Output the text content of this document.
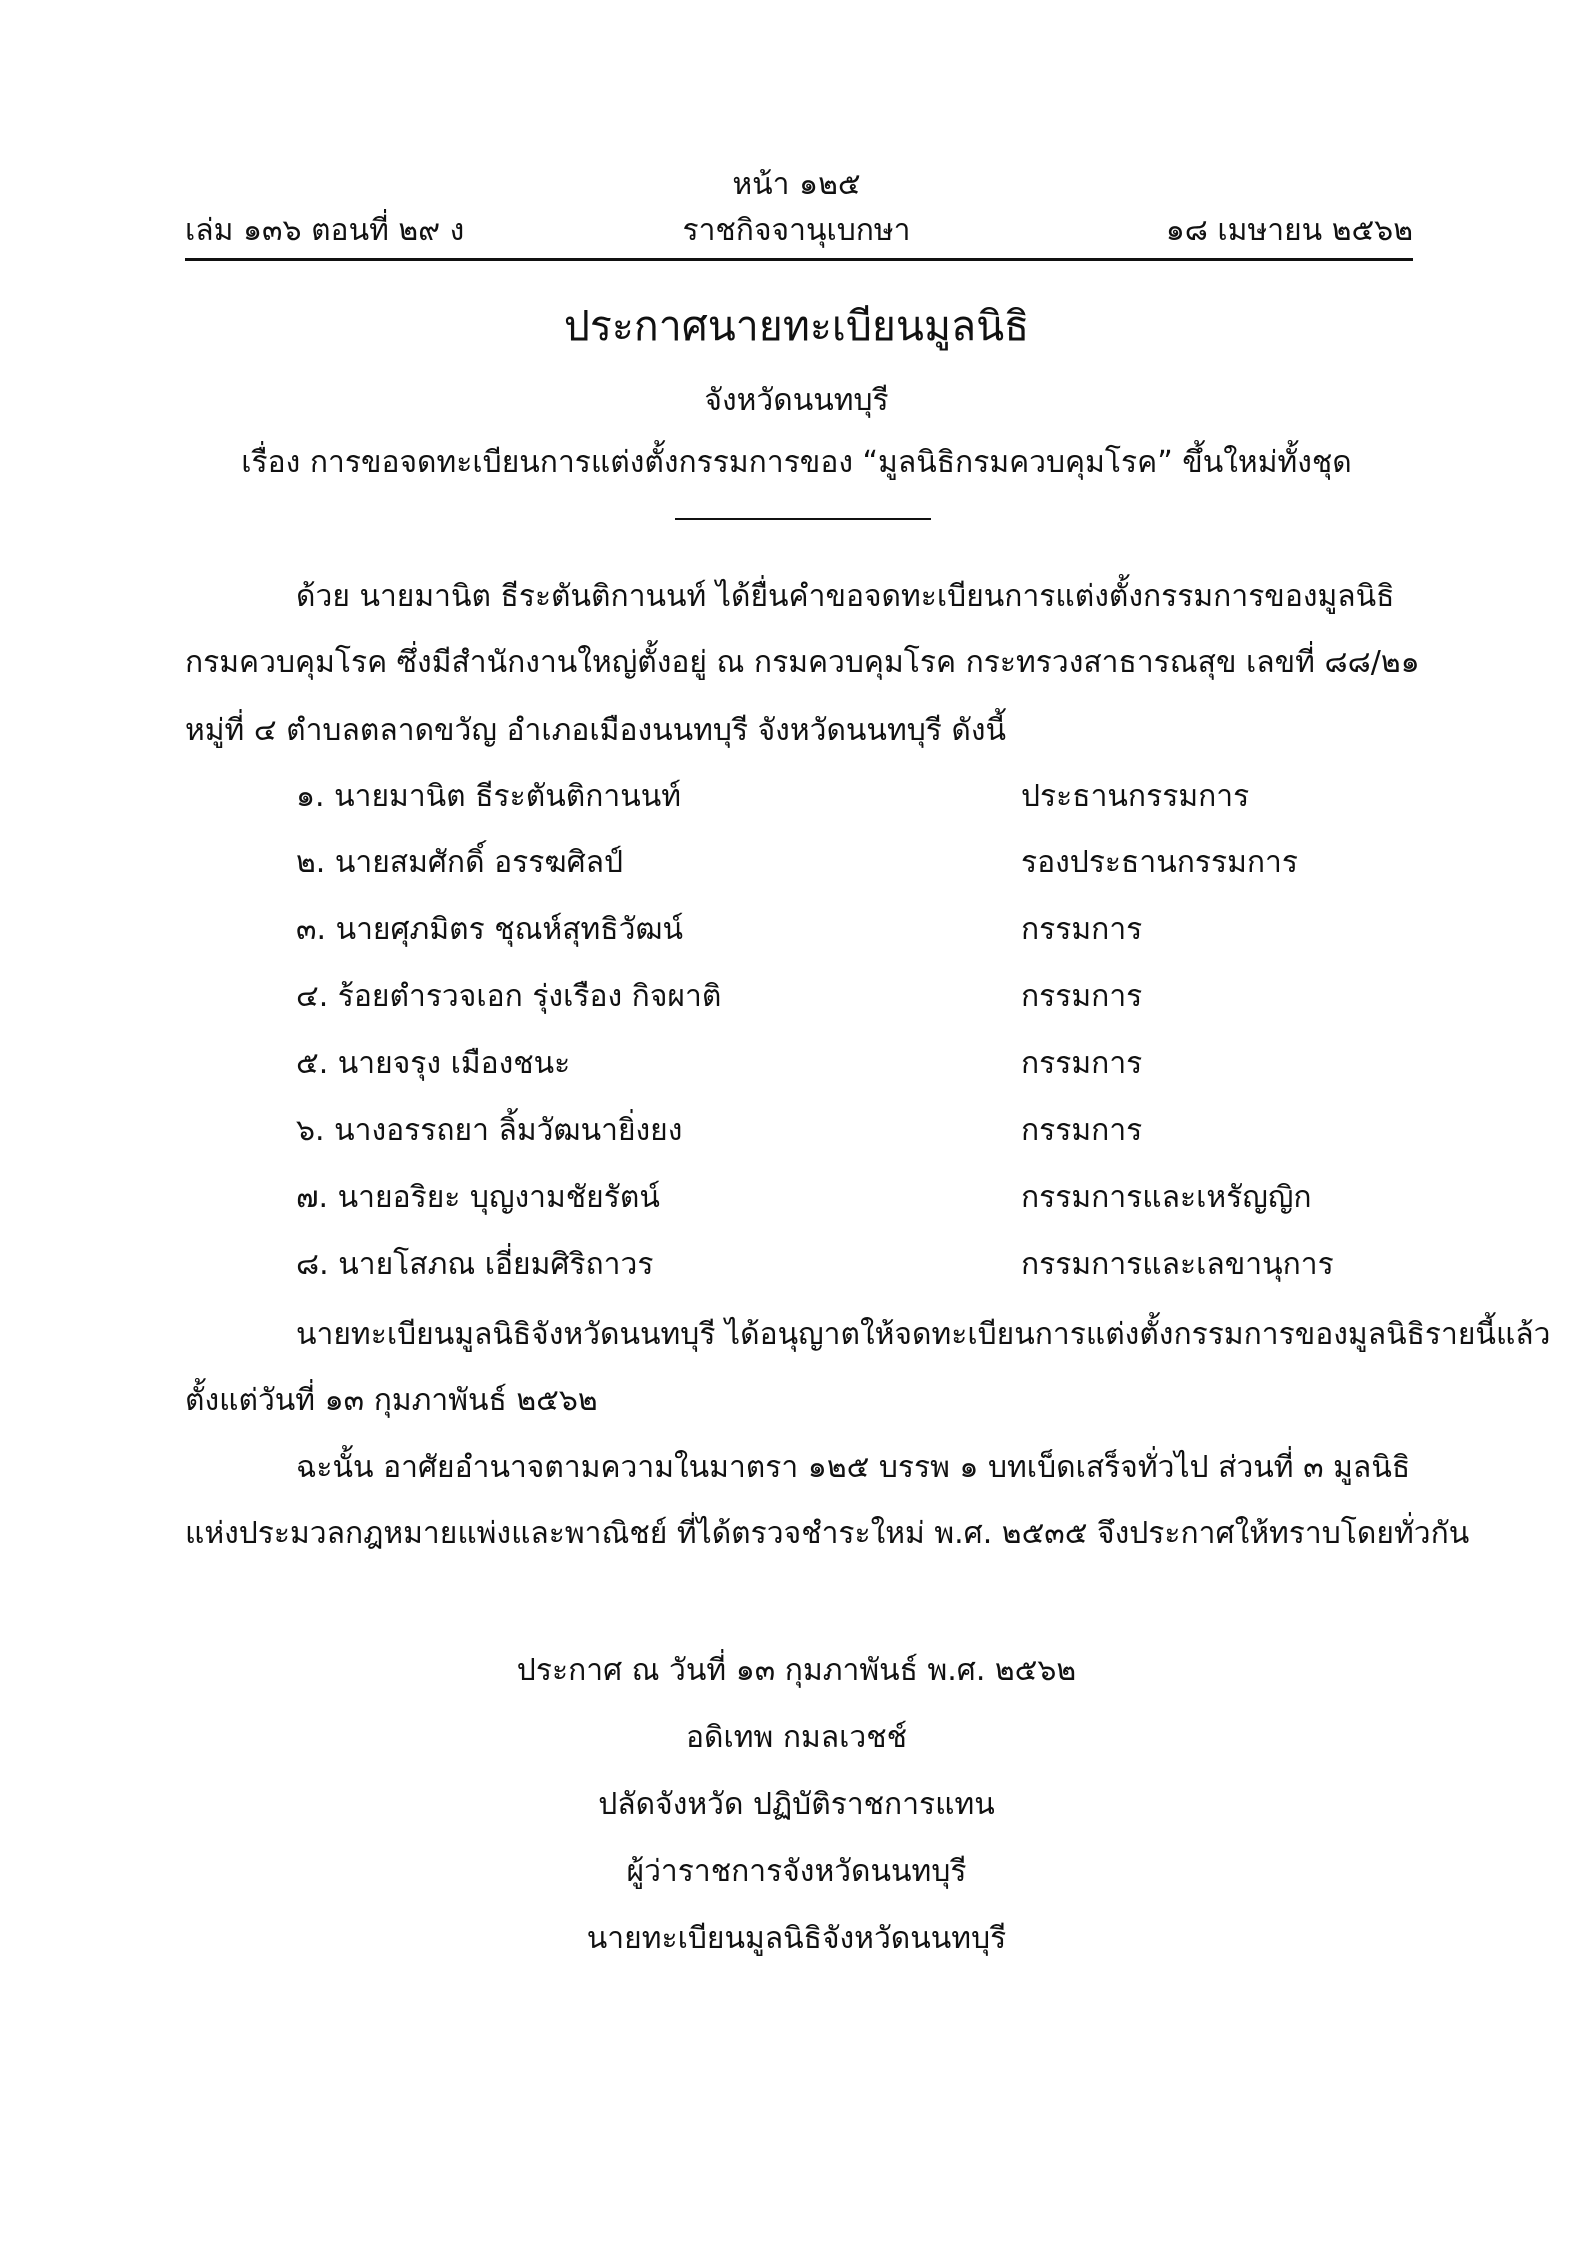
หน้า ๑๒๕
เล่ม ๑๓๖ ตอนที่ ๒๙ ง	ราชกิจจานุเบกษา	๑๘ เมษายน ๒๕๖๒
ประกาศนายทะเบียนมูลนิธิ
จังหวัดนนทบุรี
เรื่อง การขอจดทะเบียนการแต่งตั้งกรรมการของ “มูลนิธิกรมควบคุมโรค” ขึ้นใหม่ทั้งชุด
ด้วย นายมานิต ธีระตันติกานนท์ ได้ยื่นคำขอจดทะเบียนการแต่งตั้งกรรมการของมูลนิธิ
กรมควบคุมโรค ซึ่งมีสำนักงานใหญ่ตั้งอยู่ ณ กรมควบคุมโรค กระทรวงสาธารณสุข เลขที่ ๘๘/๒๑
หมู่ที่ ๔ ตำบลตลาดขวัญ อำเภอเมืองนนทบุรี จังหวัดนนทบุรี ดังนี้
๑. นายมานิต ธีระตันติกานนท์	ประธานกรรมการ
๒. นายสมศักดิ์ อรรฆศิลป์	รองประธานกรรมการ
๓. นายศุภมิตร ชุณห์สุทธิวัฒน์	กรรมการ
๔. ร้อยตำรวจเอก รุ่งเรือง กิจผาติ	กรรมการ
๕. นายจรุง เมืองชนะ	กรรมการ
๖. นางอรรถยา ลิ้มวัฒนายิ่งยง	กรรมการ
๗. นายอริยะ บุญงามชัยรัตน์	กรรมการและเหรัญญิก
๘. นายโสภณ เอี่ยมศิริถาวร	กรรมการและเลขานุการ
นายทะเบียนมูลนิธิจังหวัดนนทบุรี ได้อนุญาตให้จดทะเบียนการแต่งตั้งกรรมการของมูลนิธิรายนี้แล้ว
ตั้งแต่วันที่ ๑๓ กุมภาพันธ์ ๒๕๖๒
ฉะนั้น อาศัยอำนาจตามความในมาตรา ๑๒๕ บรรพ ๑ บทเบ็ดเสร็จทั่วไป ส่วนที่ ๓ มูลนิธิ
แห่งประมวลกฎหมายแพ่งและพาณิชย์ ที่ได้ตรวจชำระใหม่ พ.ศ. ๒๕๓๕ จึงประกาศให้ทราบโดยทั่วกัน
ประกาศ ณ วันที่ ๑๓ กุมภาพันธ์ พ.ศ. ๒๕๖๒
อดิเทพ กมลเวชช์
ปลัดจังหวัด ปฏิบัติราชการแทน
ผู้ว่าราชการจังหวัดนนทบุรี
นายทะเบียนมูลนิธิจังหวัดนนทบุรี
